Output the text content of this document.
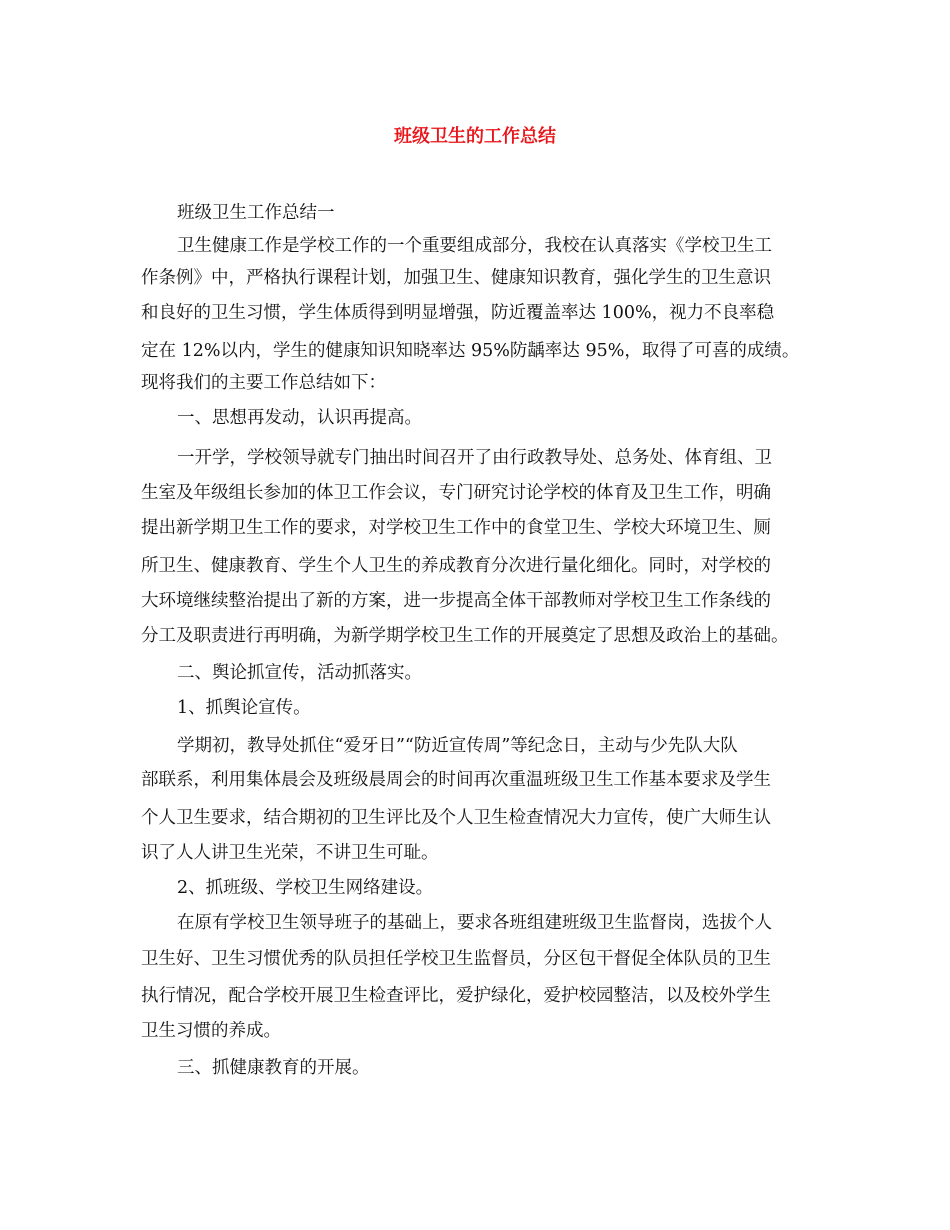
班级卫生的工作总结
班级卫生工作总结一
卫生健康工作是学校工作的一个重要组成部分，我校在认真落实《学校卫生工
作条例》中，严格执行课程计划，加强卫生、健康知识教育，强化学生的卫生意识
和良好的卫生习惯，学生体质得到明显增强，防近覆盖率达 100%，视力不良率稳
定在 12%以内，学生的健康知识知晓率达 95%防龋率达 95%，取得了可喜的成绩。
现将我们的主要工作总结如下：
一、思想再发动，认识再提高。
一开学，学校领导就专门抽出时间召开了由行政教导处、总务处、体育组、卫
生室及年级组长参加的体卫工作会议，专门研究讨论学校的体育及卫生工作，明确
提出新学期卫生工作的要求，对学校卫生工作中的食堂卫生、学校大环境卫生、厕
所卫生、健康教育、学生个人卫生的养成教育分次进行量化细化。同时，对学校的
大环境继续整治提出了新的方案，进一步提高全体干部教师对学校卫生工作条线的
分工及职责进行再明确，为新学期学校卫生工作的开展奠定了思想及政治上的基础。
二、舆论抓宣传，活动抓落实。
1、抓舆论宣传。
学期初，教导处抓住“爱牙日”“防近宣传周”等纪念日，主动与少先队大队
部联系，利用集体晨会及班级晨周会的时间再次重温班级卫生工作基本要求及学生
个人卫生要求，结合期初的卫生评比及个人卫生检查情况大力宣传，使广大师生认
识了人人讲卫生光荣，不讲卫生可耻。
2、抓班级、学校卫生网络建设。
在原有学校卫生领导班子的基础上，要求各班组建班级卫生监督岗，选拔个人
卫生好、卫生习惯优秀的队员担任学校卫生监督员，分区包干督促全体队员的卫生
执行情况，配合学校开展卫生检查评比，爱护绿化，爱护校园整洁，以及校外学生
卫生习惯的养成。
三、抓健康教育的开展。
